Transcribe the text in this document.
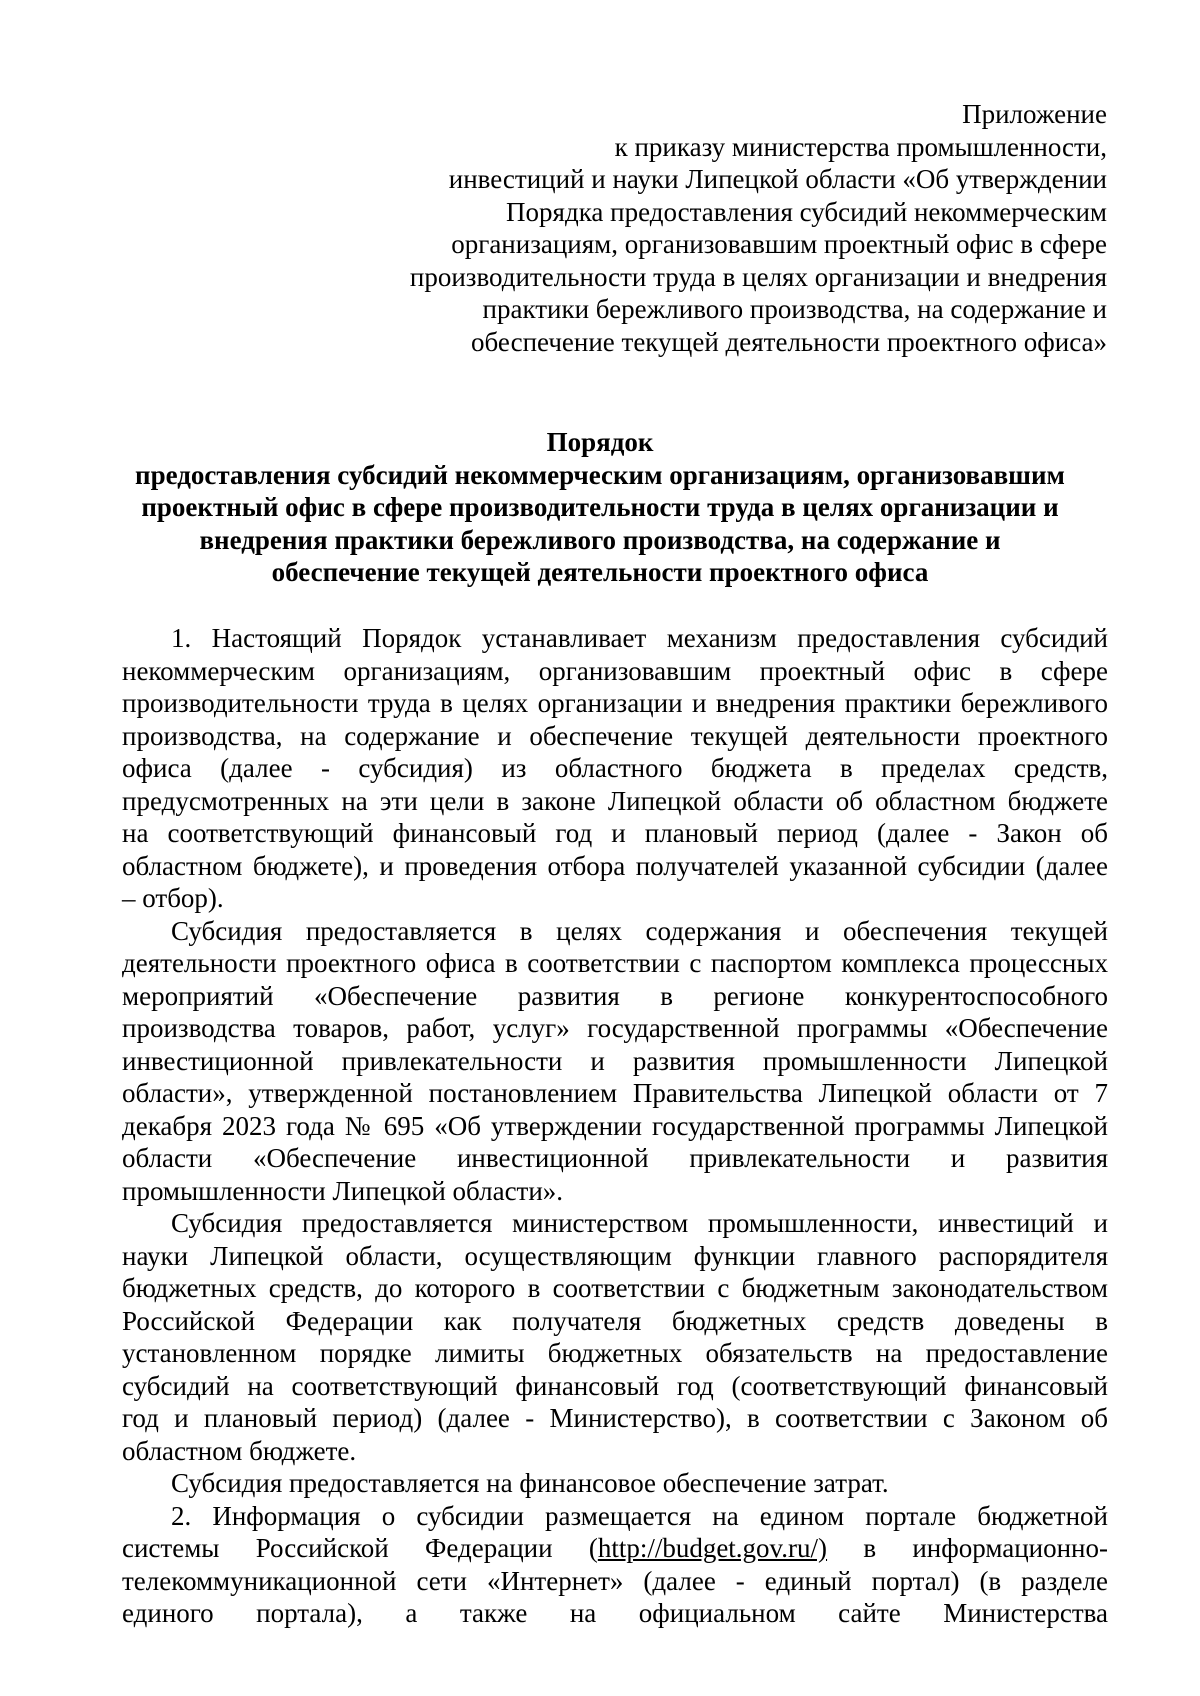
Приложение
к приказу министерства промышленности,
инвестиций и науки Липецкой области «Об утверждении
Порядка предоставления субсидий некоммерческим
организациям, организовавшим проектный офис в сфере
производительности труда в целях организации и внедрения
практики бережливого производства, на содержание и
обеспечение текущей деятельности проектного офиса»
Порядок
предоставления субсидий некоммерческим организациям, организовавшим
проектный офис в сфере производительности труда в целях организации и
внедрения практики бережливого производства, на содержание и
обеспечение текущей деятельности проектного офиса
1. Настоящий Порядок устанавливает механизм предоставления субсидий
некоммерческим организациям, организовавшим проектный офис в сфере
производительности труда в целях организации и внедрения практики бережливого
производства, на содержание и обеспечение текущей деятельности проектного
офиса (далее - субсидия) из областного бюджета в пределах средств,
предусмотренных на эти цели в законе Липецкой области об областном бюджете
на соответствующий финансовый год и плановый период (далее - Закон об
областном бюджете), и проведения отбора получателей указанной субсидии (далее
– отбор).
Субсидия предоставляется в целях содержания и обеспечения текущей
деятельности проектного офиса в соответствии с паспортом комплекса процессных
мероприятий «Обеспечение развития в регионе конкурентоспособного
производства товаров, работ, услуг» государственной программы «Обеспечение
инвестиционной привлекательности и развития промышленности Липецкой
области», утвержденной постановлением Правительства Липецкой области от 7
декабря 2023 года № 695 «Об утверждении государственной программы Липецкой
области «Обеспечение инвестиционной привлекательности и развития
промышленности Липецкой области».
Субсидия предоставляется министерством промышленности, инвестиций и
науки Липецкой области, осуществляющим функции главного распорядителя
бюджетных средств, до которого в соответствии с бюджетным законодательством
Российской Федерации как получателя бюджетных средств доведены в
установленном порядке лимиты бюджетных обязательств на предоставление
субсидий на соответствующий финансовый год (соответствующий финансовый
год и плановый период) (далее - Министерство), в соответствии с Законом об
областном бюджете.
Субсидия предоставляется на финансовое обеспечение затрат.
2. Информация о субсидии размещается на едином портале бюджетной
системы Российской Федерации (http://budget.gov.ru/) в информационно-
телекоммуникационной сети «Интернет» (далее - единый портал) (в разделе
единого портала), а также на официальном сайте Министерства
